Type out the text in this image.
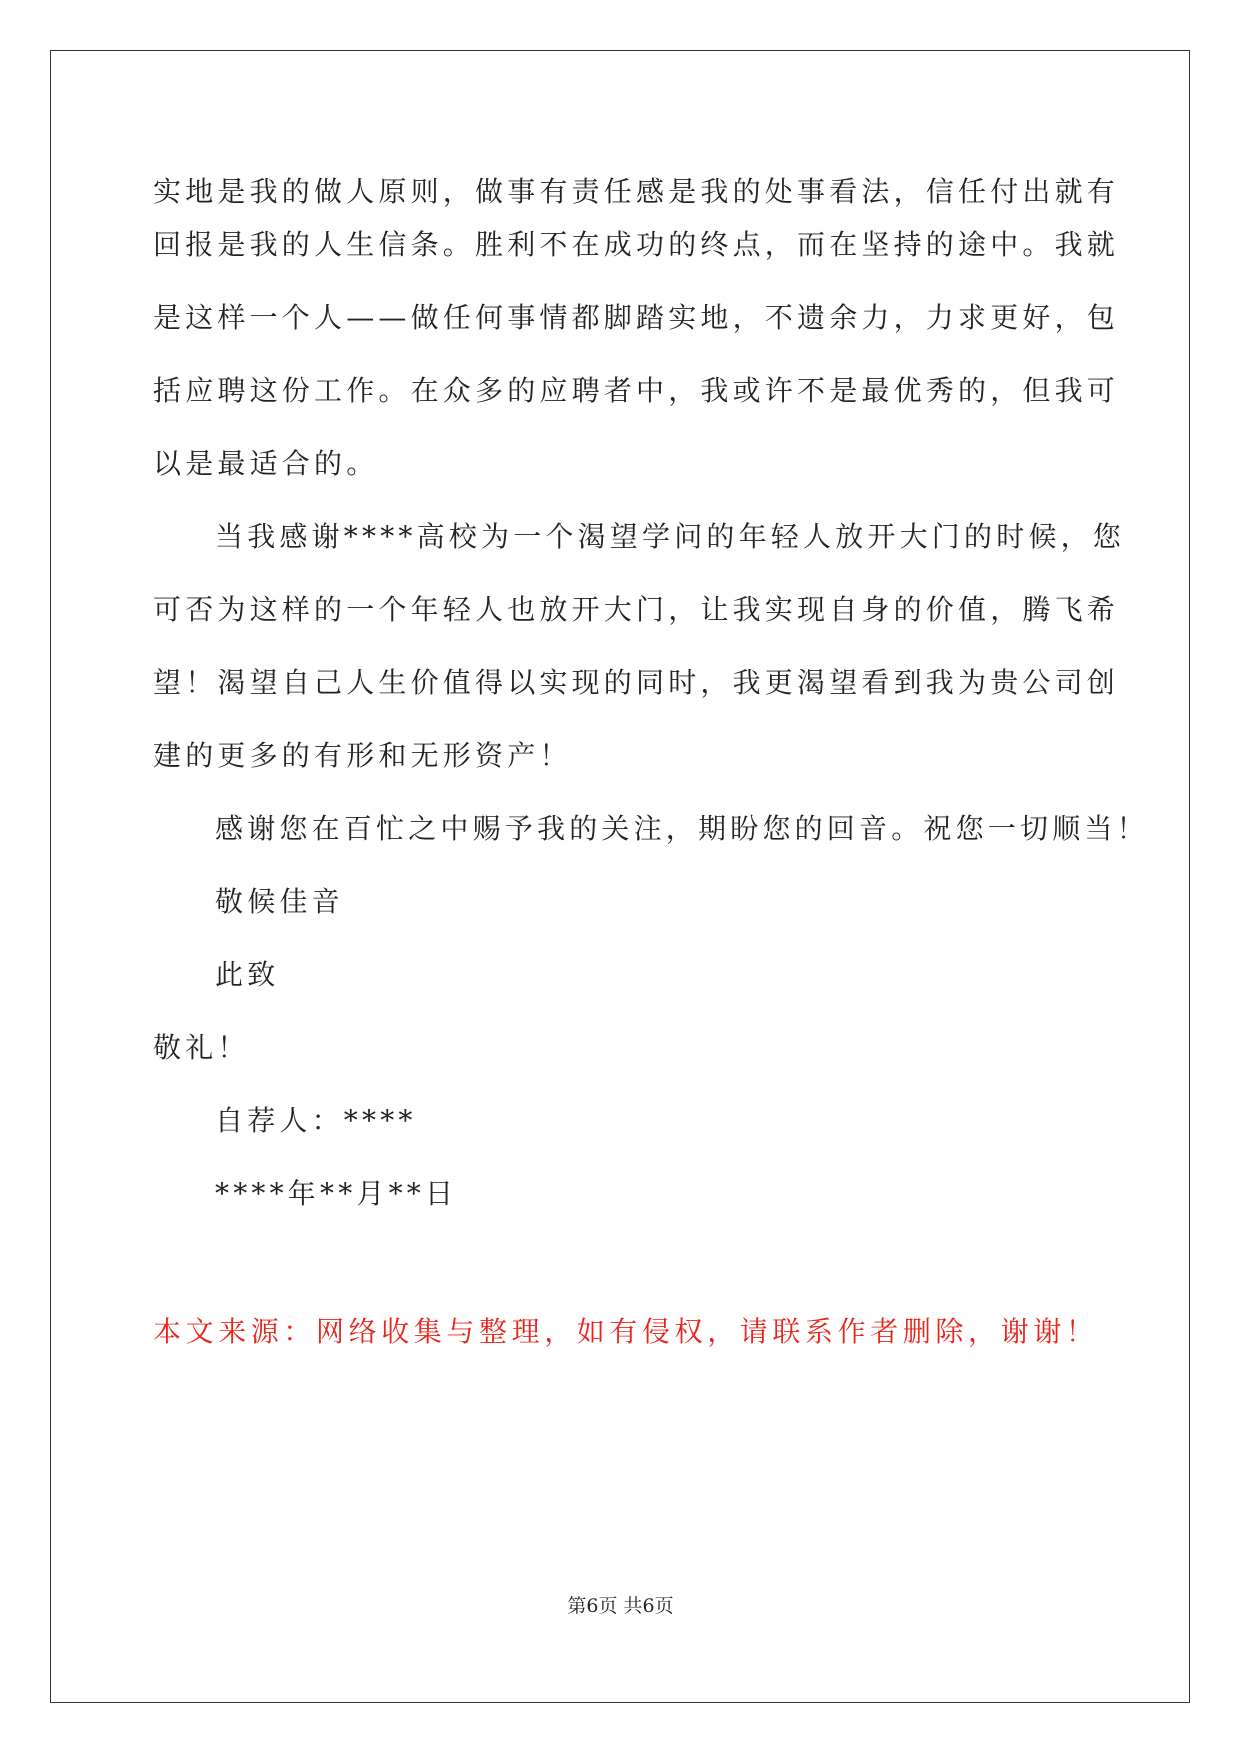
实地是我的做人原则，做事有责任感是我的处事看法，信任付出就有

回报是我的人生信条。胜利不在成功的终点，而在坚持的途中。我就

是这样一个人——做任何事情都脚踏实地，不遗余力，力求更好，包

括应聘这份工作。在众多的应聘者中，我或许不是最优秀的，但我可

以是最适合的。

当我感谢****高校为一个渴望学问的年轻人放开大门的时候，您

可否为这样的一个年轻人也放开大门，让我实现自身的价值，腾飞希

望！渴望自己人生价值得以实现的同时，我更渴望看到我为贵公司创

建的更多的有形和无形资产！

感谢您在百忙之中赐予我的关注，期盼您的回音。祝您一切顺当！

敬候佳音

此致

敬礼！

自荐人：****

****年**月**日

本文来源：网络收集与整理，如有侵权，请联系作者删除，谢谢！

第6页 共6页
